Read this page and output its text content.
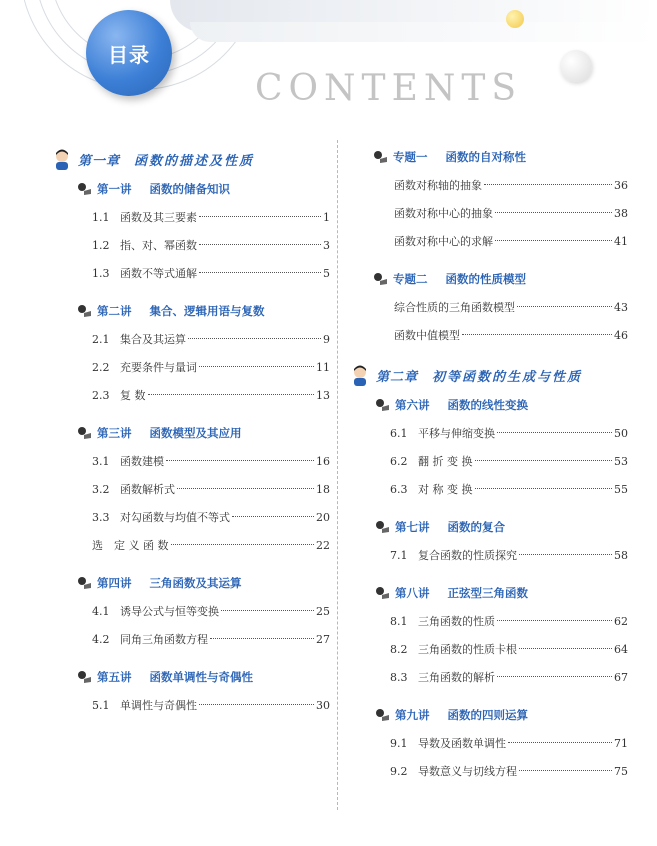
目录
CONTENTS
第一章 函数的描述及性质
第一讲 函数的储备知识
1.1 函数及其三要素	1
1.2 指、对、幂函数	3
1.3 函数不等式通解	5
第二讲 集合、逻辑用语与复数
2.1 集合及其运算	9
2.2 充要条件与量词	11
2.3 复 数	13
第三讲 函数模型及其应用
3.1 函数建模	16
3.2 函数解析式	18
3.3 对勾函数与均值不等式	20
选　定 义 函 数	22
第四讲 三角函数及其运算
4.1 诱导公式与恒等变换	25
4.2 同角三角函数方程	27
第五讲 函数单调性与奇偶性
5.1 单调性与奇偶性	30
专题一 函数的自对称性
函数对称轴的抽象	36
函数对称中心的抽象	38
函数对称中心的求解	41
专题二 函数的性质模型
综合性质的三角函数模型	43
函数中值模型	46
第二章 初等函数的生成与性质
第六讲 函数的线性变换
6.1 平移与伸缩变换	50
6.2 翻 折 变 换	53
6.3 对 称 变 换	55
第七讲 函数的复合
7.1 复合函数的性质探究	58
第八讲 正弦型三角函数
8.1 三角函数的性质	62
8.2 三角函数的性质卡根	64
8.3 三角函数的解析	67
第九讲 函数的四则运算
9.1 导数及函数单调性	71
9.2 导数意义与切线方程	75
